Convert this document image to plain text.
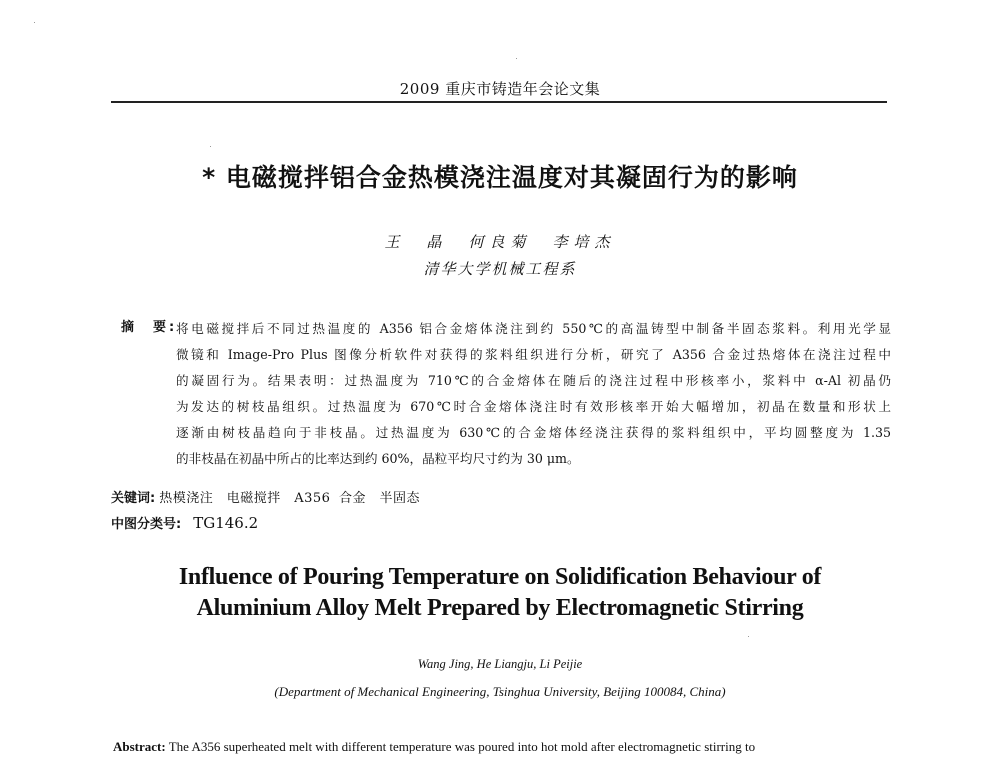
2009 重庆市铸造年会论文集
* 电磁搅拌铝合金热模浇注温度对其凝固行为的影响
王　晶　何良菊　李培杰
清华大学机械工程系
摘　要:
将电磁搅拌后不同过热温度的 A356 铝合金熔体浇注到约 550℃的高温铸型中制备半固态浆料。利用光学显
微镜和 Image-Pro Plus 图像分析软件对获得的浆料组织进行分析，研究了 A356 合金过热熔体在浇注过程中
的凝固行为。结果表明：过热温度为 710℃的合金熔体在随后的浇注过程中形核率小，浆料中 α-Al 初晶仍
为发达的树枝晶组织。过热温度为 670℃时合金熔体浇注时有效形核率开始大幅增加，初晶在数量和形状上
逐渐由树枝晶趋向于非枝晶。过热温度为 630℃的合金熔体经浇注获得的浆料组织中，平均圆整度为 1.35
的非枝晶在初晶中所占的比率达到约 60%，晶粒平均尺寸约为 30 μm。
关键词: 热模浇注　电磁搅拌　A356 合金　半固态
中图分类号: TG146.2
Influence of Pouring Temperature on Solidification Behaviour of
Aluminium Alloy Melt Prepared by Electromagnetic Stirring
Wang Jing, He Liangju, Li Peijie
(Department of Mechanical Engineering, Tsinghua University, Beijing 100084, China)
Abstract: The A356 superheated melt with different temperature was poured into hot mold after electromagnetic stirring to
